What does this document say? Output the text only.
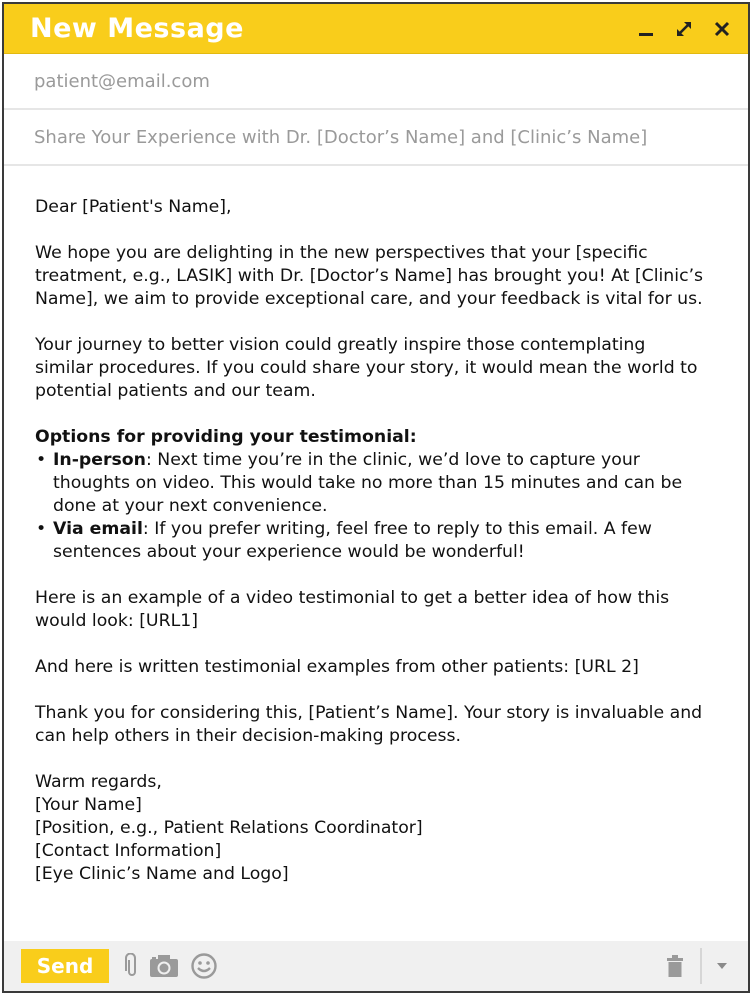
New Message
patient@email.com
Share Your Experience with Dr. [Doctor’s Name] and [Clinic’s Name]

Dear [Patient's Name],

We hope you are delighting in the new perspectives that your [specific treatment, e.g., LASIK] with Dr. [Doctor’s Name] has brought you! At [Clinic’s Name], we aim to provide exceptional care, and your feedback is vital for us.

Your journey to better vision could greatly inspire those contemplating similar procedures. If you could share your story, it would mean the world to potential patients and our team.

Options for providing your testimonial:

• In-person: Next time you’re in the clinic, we’d love to capture your thoughts on video. This would take no more than 15 minutes and can be done at your next convenience.
• Via email: If you prefer writing, feel free to reply to this email. A few sentences about your experience would be wonderful!

Here is an example of a video testimonial to get a better idea of how this would look: [URL1]

And here is written testimonial examples from other patients: [URL 2]

Thank you for considering this, [Patient’s Name]. Your story is invaluable and can help others in their decision-making process.

Warm regards,
[Your Name]
[Position, e.g., Patient Relations Coordinator]
[Contact Information]
[Eye Clinic’s Name and Logo]
Send
